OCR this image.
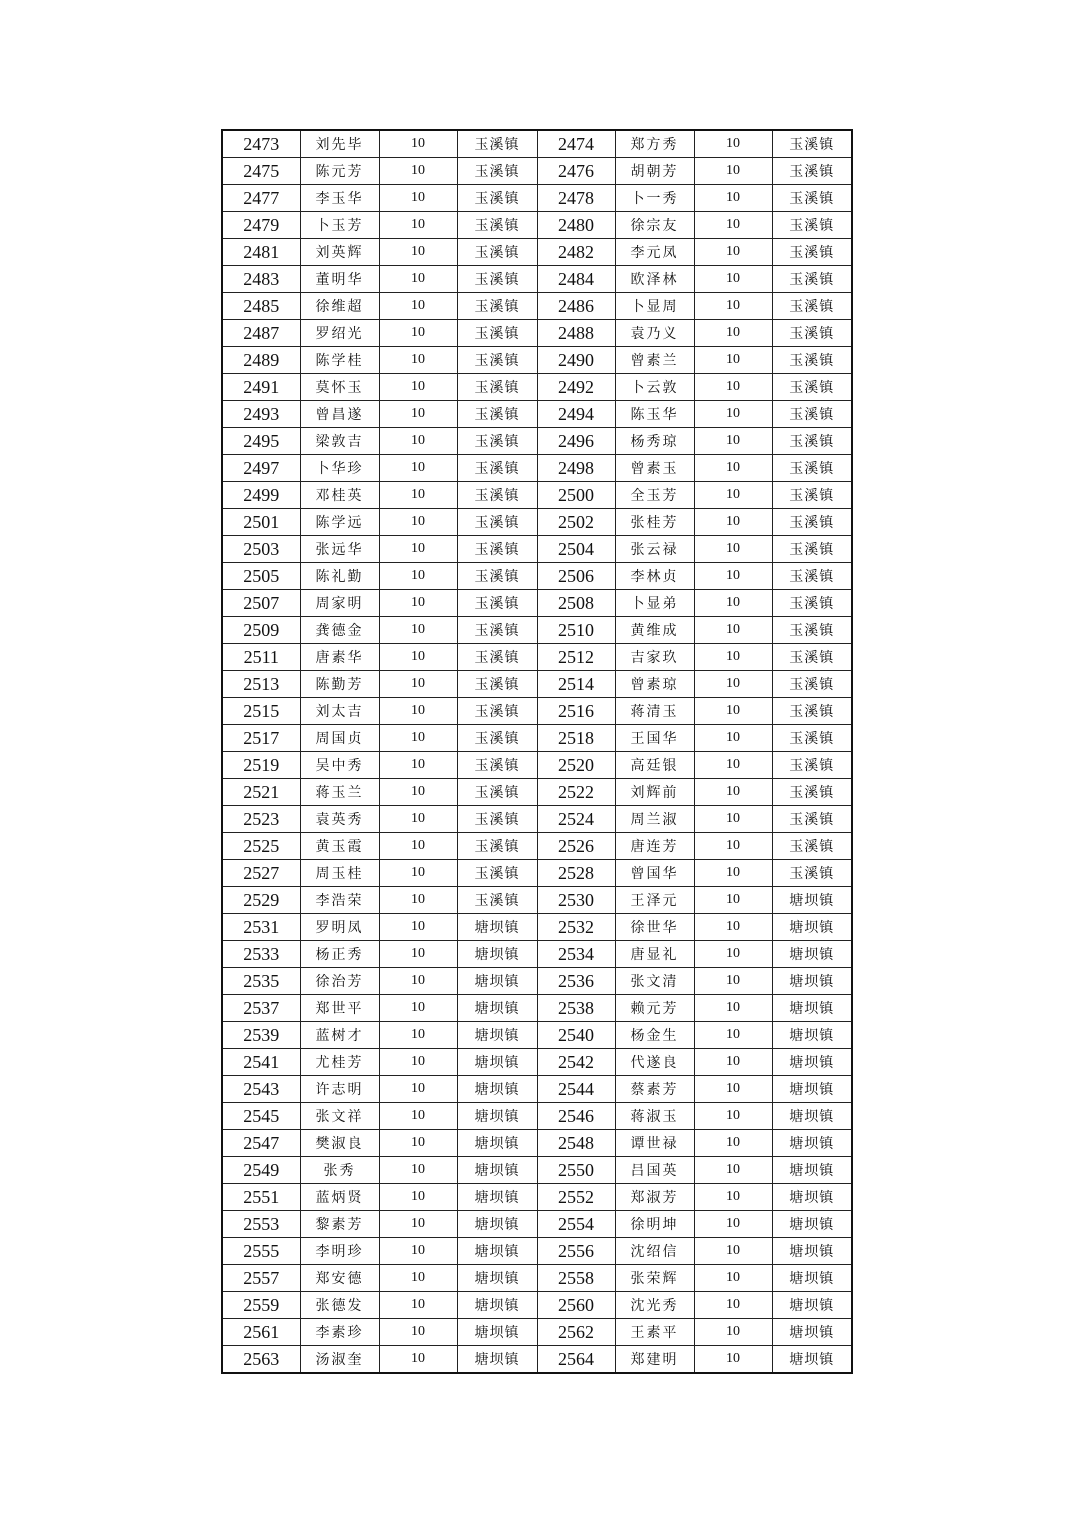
2473	刘先毕	10	玉溪镇	2474	郑方秀	10	玉溪镇
2475	陈元芳	10	玉溪镇	2476	胡朝芳	10	玉溪镇
2477	李玉华	10	玉溪镇	2478	卜一秀	10	玉溪镇
2479	卜玉芳	10	玉溪镇	2480	徐宗友	10	玉溪镇
2481	刘英辉	10	玉溪镇	2482	李元凤	10	玉溪镇
2483	董明华	10	玉溪镇	2484	欧泽林	10	玉溪镇
2485	徐维超	10	玉溪镇	2486	卜显周	10	玉溪镇
2487	罗绍光	10	玉溪镇	2488	袁乃义	10	玉溪镇
2489	陈学桂	10	玉溪镇	2490	曾素兰	10	玉溪镇
2491	莫怀玉	10	玉溪镇	2492	卜云敦	10	玉溪镇
2493	曾昌遂	10	玉溪镇	2494	陈玉华	10	玉溪镇
2495	梁敦吉	10	玉溪镇	2496	杨秀琼	10	玉溪镇
2497	卜华珍	10	玉溪镇	2498	曾素玉	10	玉溪镇
2499	邓桂英	10	玉溪镇	2500	全玉芳	10	玉溪镇
2501	陈学远	10	玉溪镇	2502	张桂芳	10	玉溪镇
2503	张远华	10	玉溪镇	2504	张云禄	10	玉溪镇
2505	陈礼勤	10	玉溪镇	2506	李林贞	10	玉溪镇
2507	周家明	10	玉溪镇	2508	卜显弟	10	玉溪镇
2509	龚德金	10	玉溪镇	2510	黄维成	10	玉溪镇
2511	唐素华	10	玉溪镇	2512	吉家玖	10	玉溪镇
2513	陈勤芳	10	玉溪镇	2514	曾素琼	10	玉溪镇
2515	刘太吉	10	玉溪镇	2516	蒋清玉	10	玉溪镇
2517	周国贞	10	玉溪镇	2518	王国华	10	玉溪镇
2519	吴中秀	10	玉溪镇	2520	高廷银	10	玉溪镇
2521	蒋玉兰	10	玉溪镇	2522	刘辉前	10	玉溪镇
2523	袁英秀	10	玉溪镇	2524	周兰淑	10	玉溪镇
2525	黄玉霞	10	玉溪镇	2526	唐连芳	10	玉溪镇
2527	周玉桂	10	玉溪镇	2528	曾国华	10	玉溪镇
2529	李浩荣	10	玉溪镇	2530	王泽元	10	塘坝镇
2531	罗明凤	10	塘坝镇	2532	徐世华	10	塘坝镇
2533	杨正秀	10	塘坝镇	2534	唐显礼	10	塘坝镇
2535	徐治芳	10	塘坝镇	2536	张文清	10	塘坝镇
2537	郑世平	10	塘坝镇	2538	赖元芳	10	塘坝镇
2539	蓝树才	10	塘坝镇	2540	杨金生	10	塘坝镇
2541	尤桂芳	10	塘坝镇	2542	代遂良	10	塘坝镇
2543	许志明	10	塘坝镇	2544	蔡素芳	10	塘坝镇
2545	张文祥	10	塘坝镇	2546	蒋淑玉	10	塘坝镇
2547	樊淑良	10	塘坝镇	2548	谭世禄	10	塘坝镇
2549	张秀	10	塘坝镇	2550	吕国英	10	塘坝镇
2551	蓝炳贤	10	塘坝镇	2552	郑淑芳	10	塘坝镇
2553	黎素芳	10	塘坝镇	2554	徐明坤	10	塘坝镇
2555	李明珍	10	塘坝镇	2556	沈绍信	10	塘坝镇
2557	郑安德	10	塘坝镇	2558	张荣辉	10	塘坝镇
2559	张德发	10	塘坝镇	2560	沈光秀	10	塘坝镇
2561	李素珍	10	塘坝镇	2562	王素平	10	塘坝镇
2563	汤淑奎	10	塘坝镇	2564	郑建明	10	塘坝镇
